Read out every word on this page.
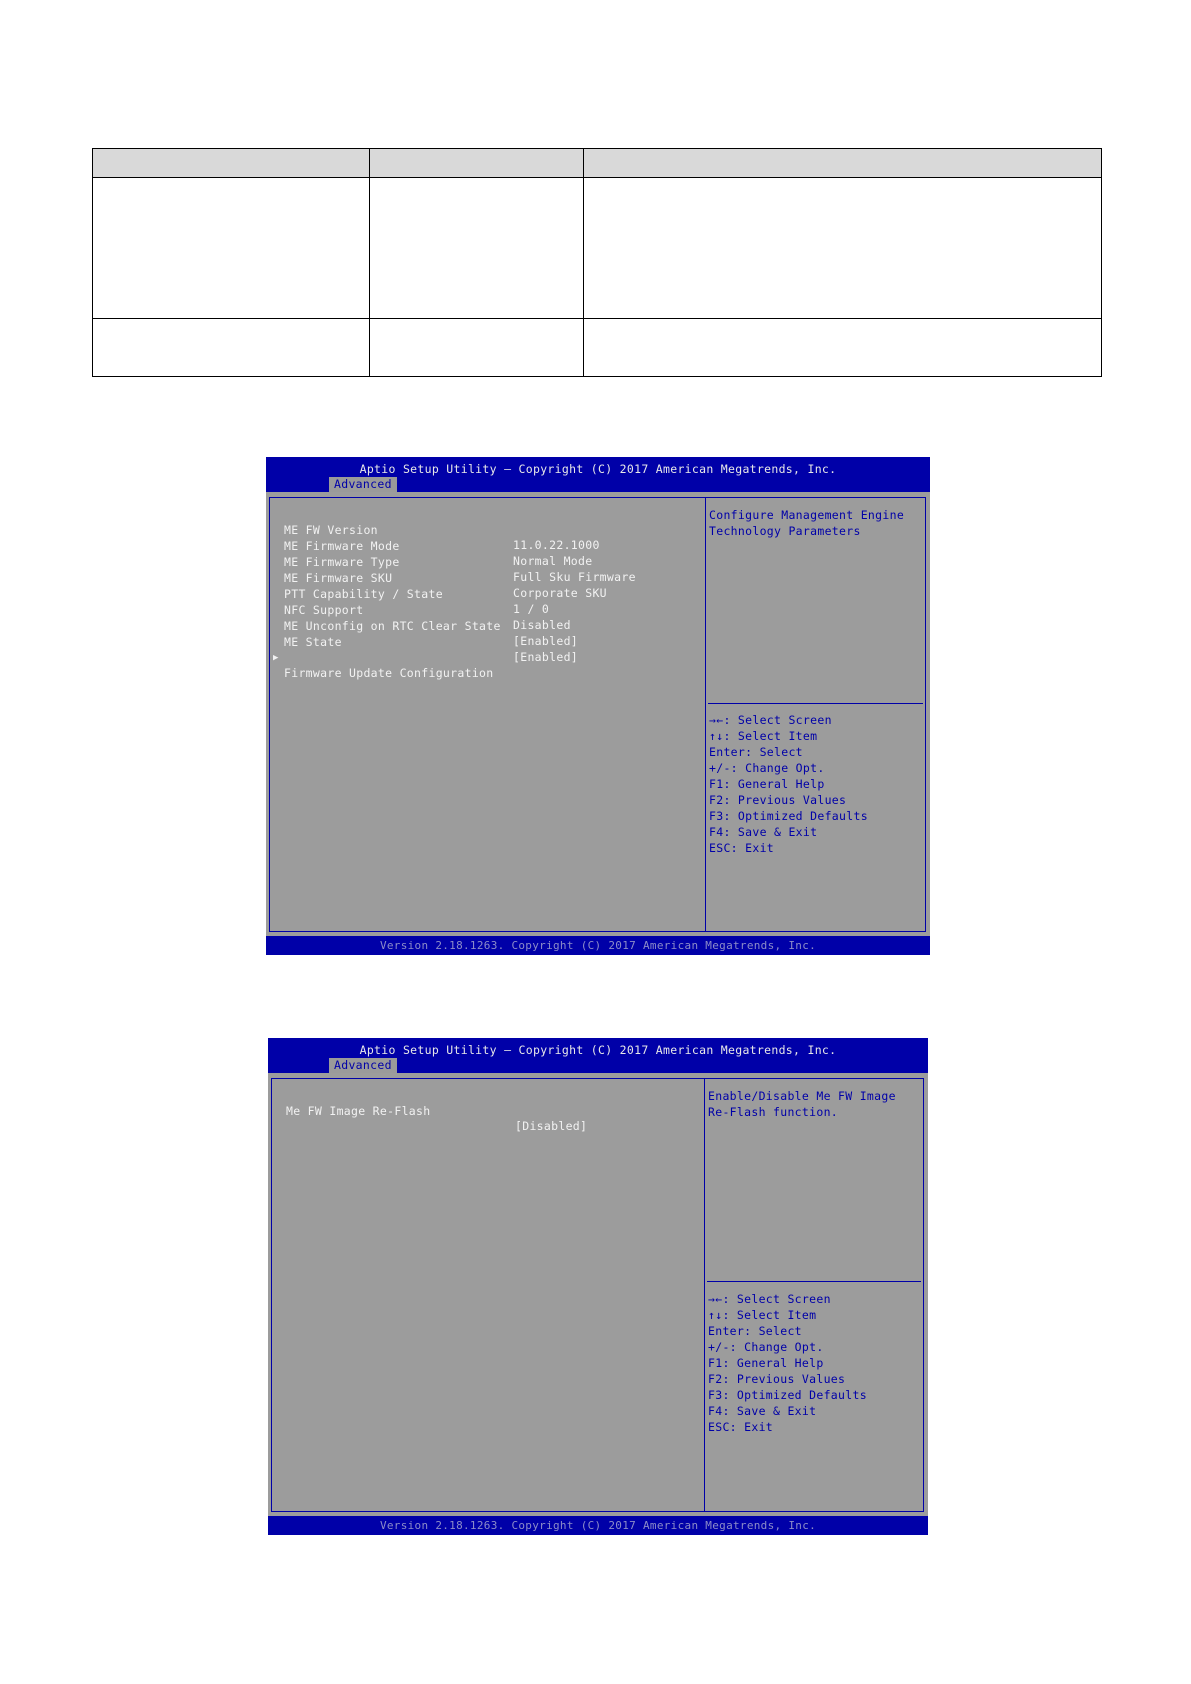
Aptio Setup Utility – Copyright (C) 2017 American Megatrends, Inc.
Advanced

ME FW Version

11.0.22.1000

ME Firmware Mode

Normal Mode

ME Firmware Type

Full Sku Firmware

ME Firmware SKU

Corporate SKU

PTT Capability / State

1 / 0

NFC Support

Disabled

ME Unconfig on RTC Clear State

[Enabled]

ME State

[Enabled]

▶

Firmware Update Configuration

Configure Management Engine
Technology Parameters
→←: Select Screen
↑↓: Select Item
Enter: Select
+/-: Change Opt.
F1: General Help
F2: Previous Values
F3: Optimized Defaults
F4: Save & Exit
ESC: Exit
Version 2.18.1263. Copyright (C) 2017 American Megatrends, Inc.
Aptio Setup Utility – Copyright (C) 2017 American Megatrends, Inc.
Advanced

Me FW Image Re-Flash

[Disabled]

Enable/Disable Me FW Image
Re-Flash function.
→←: Select Screen
↑↓: Select Item
Enter: Select
+/-: Change Opt.
F1: General Help
F2: Previous Values
F3: Optimized Defaults
F4: Save & Exit
ESC: Exit
Version 2.18.1263. Copyright (C) 2017 American Megatrends, Inc.
